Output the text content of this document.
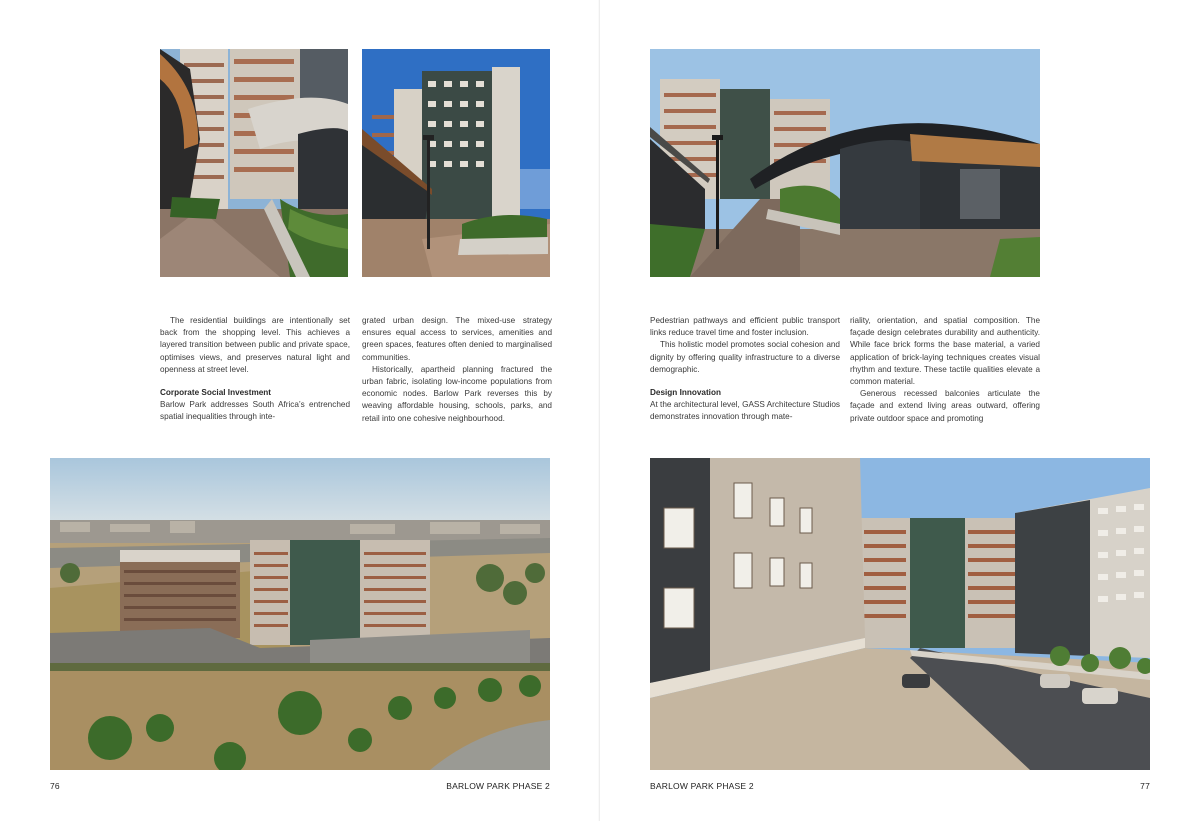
The residential buildings are intentionally set back from the shopping level. This achieves a layered transition between public and private space, optimises views, and preserves natural light and openness at street level.

Corporate Social Investment

Barlow Park addresses South Africa’s entrenched spatial inequalities through inte-

grated urban design. The mixed-use strategy ensures equal access to services, amenities and green spaces, features often denied to marginalised communities.

Historically, apartheid planning fractured the urban fabric, isolating low-income populations from economic nodes. Barlow Park reverses this by weaving affordable housing, schools, parks, and retail into one cohesive neighbourhood.

76	BARLOW PARK PHASE 2

Pedestrian pathways and efficient public transport links reduce travel time and foster inclusion.

This holistic model promotes social cohesion and dignity by offering quality infrastructure to a diverse demographic.

Design Innovation

At the architectural level, GASS Architecture Studios demonstrates innovation through mate-

riality, orientation, and spatial composition. The façade design celebrates durability and authenticity. While face brick forms the base material, a varied application of brick-laying techniques creates visual rhythm and texture. These tactile qualities elevate a common material.

Generous recessed balconies articulate the façade and extend living areas outward, offering private outdoor space and promoting

BARLOW PARK PHASE 2	77
